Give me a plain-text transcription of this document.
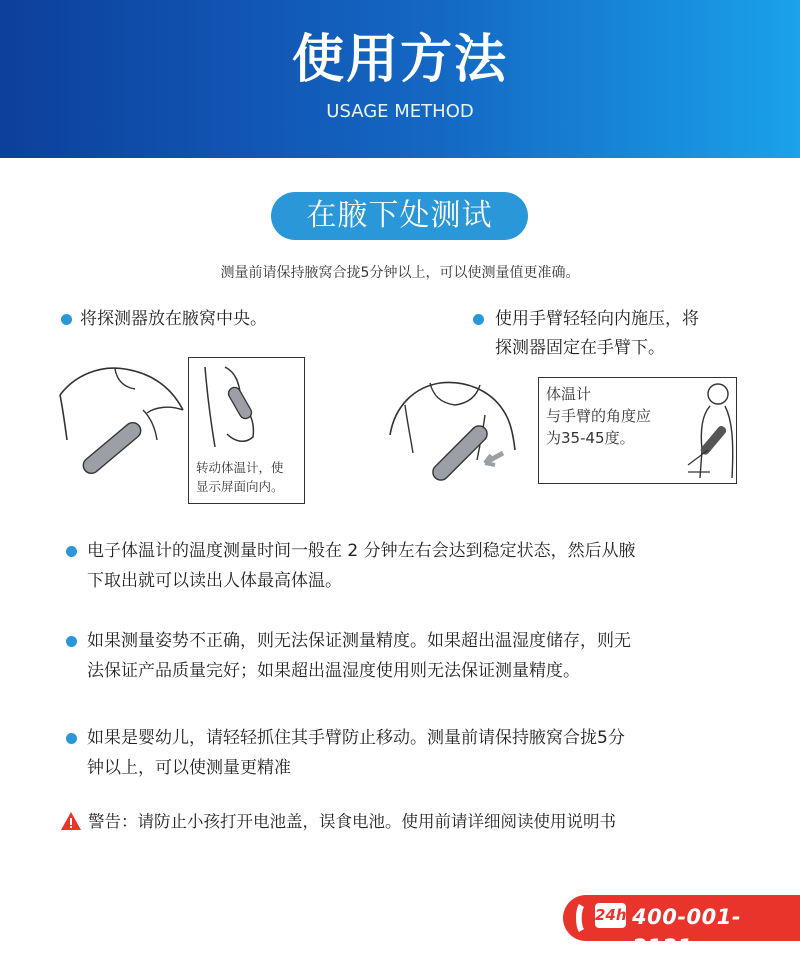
使用方法
USAGE METHOD
在腋下处测试
测量前请保持腋窝合拢5分钟以上，可以使测量值更准确。
将探测器放在腋窝中央。	使用手臂轻轻向内施压，将
探测器固定在手臂下。
转动体温计，使
显示屏面向内。
体温计
与手臂的角度应
为35-45度。
电子体温计的温度测量时间一般在 2 分钟左右会达到稳定状态，然后从腋
下取出就可以读出人体最高体温。
如果测量姿势不正确，则无法保证测量精度。如果超出温湿度储存，则无
法保证产品质量完好；如果超出温湿度使用则无法保证测量精度。
如果是婴幼儿，请轻轻抓住其手臂防止移动。测量前请保持腋窝合拢5分
钟以上，可以使测量更精准
警告：请防止小孩打开电池盖，误食电池。使用前请详细阅读使用说明书
24h 400-001-2121
